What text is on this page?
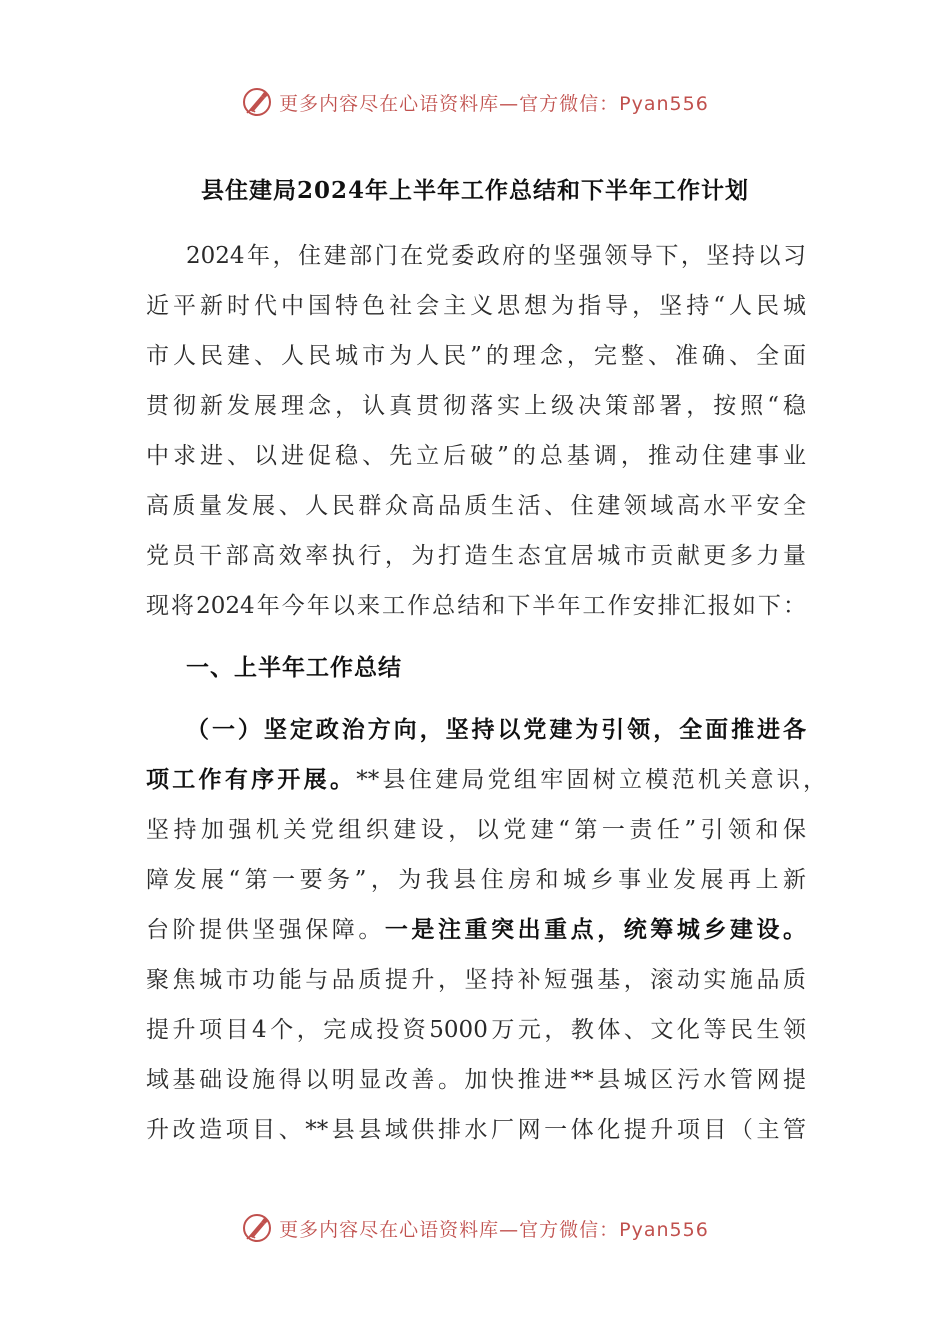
更多内容尽在心语资料库—官方微信：Pyan556
县住建局2024年上半年工作总结和下半年工作计划
2024年，住建部门在党委政府的坚强领导下，坚持以习
近平新时代中国特色社会主义思想为指导，坚持“人民城
市人民建、人民城市为人民”的理念，完整、准确、全面
贯彻新发展理念，认真贯彻落实上级决策部署，按照“稳
中求进、以进促稳、先立后破”的总基调，推动住建事业
高质量发展、人民群众高品质生活、住建领域高水平安全
党员干部高效率执行，为打造生态宜居城市贡献更多力量
现将2024年今年以来工作总结和下半年工作安排汇报如下：
一、上半年工作总结
（一）坚定政治方向，坚持以党建为引领，全面推进各
项工作有序开展。**县住建局党组牢固树立模范机关意识，
坚持加强机关党组织建设，以党建“第一责任”引领和保
障发展“第一要务”，为我县住房和城乡事业发展再上新
台阶提供坚强保障。一是注重突出重点，统筹城乡建设。
聚焦城市功能与品质提升，坚持补短强基，滚动实施品质
提升项目4个，完成投资5000万元，教体、文化等民生领
域基础设施得以明显改善。加快推进**县城区污水管网提
升改造项目、**县县域供排水厂网一体化提升项目（主管
更多内容尽在心语资料库—官方微信：Pyan556
